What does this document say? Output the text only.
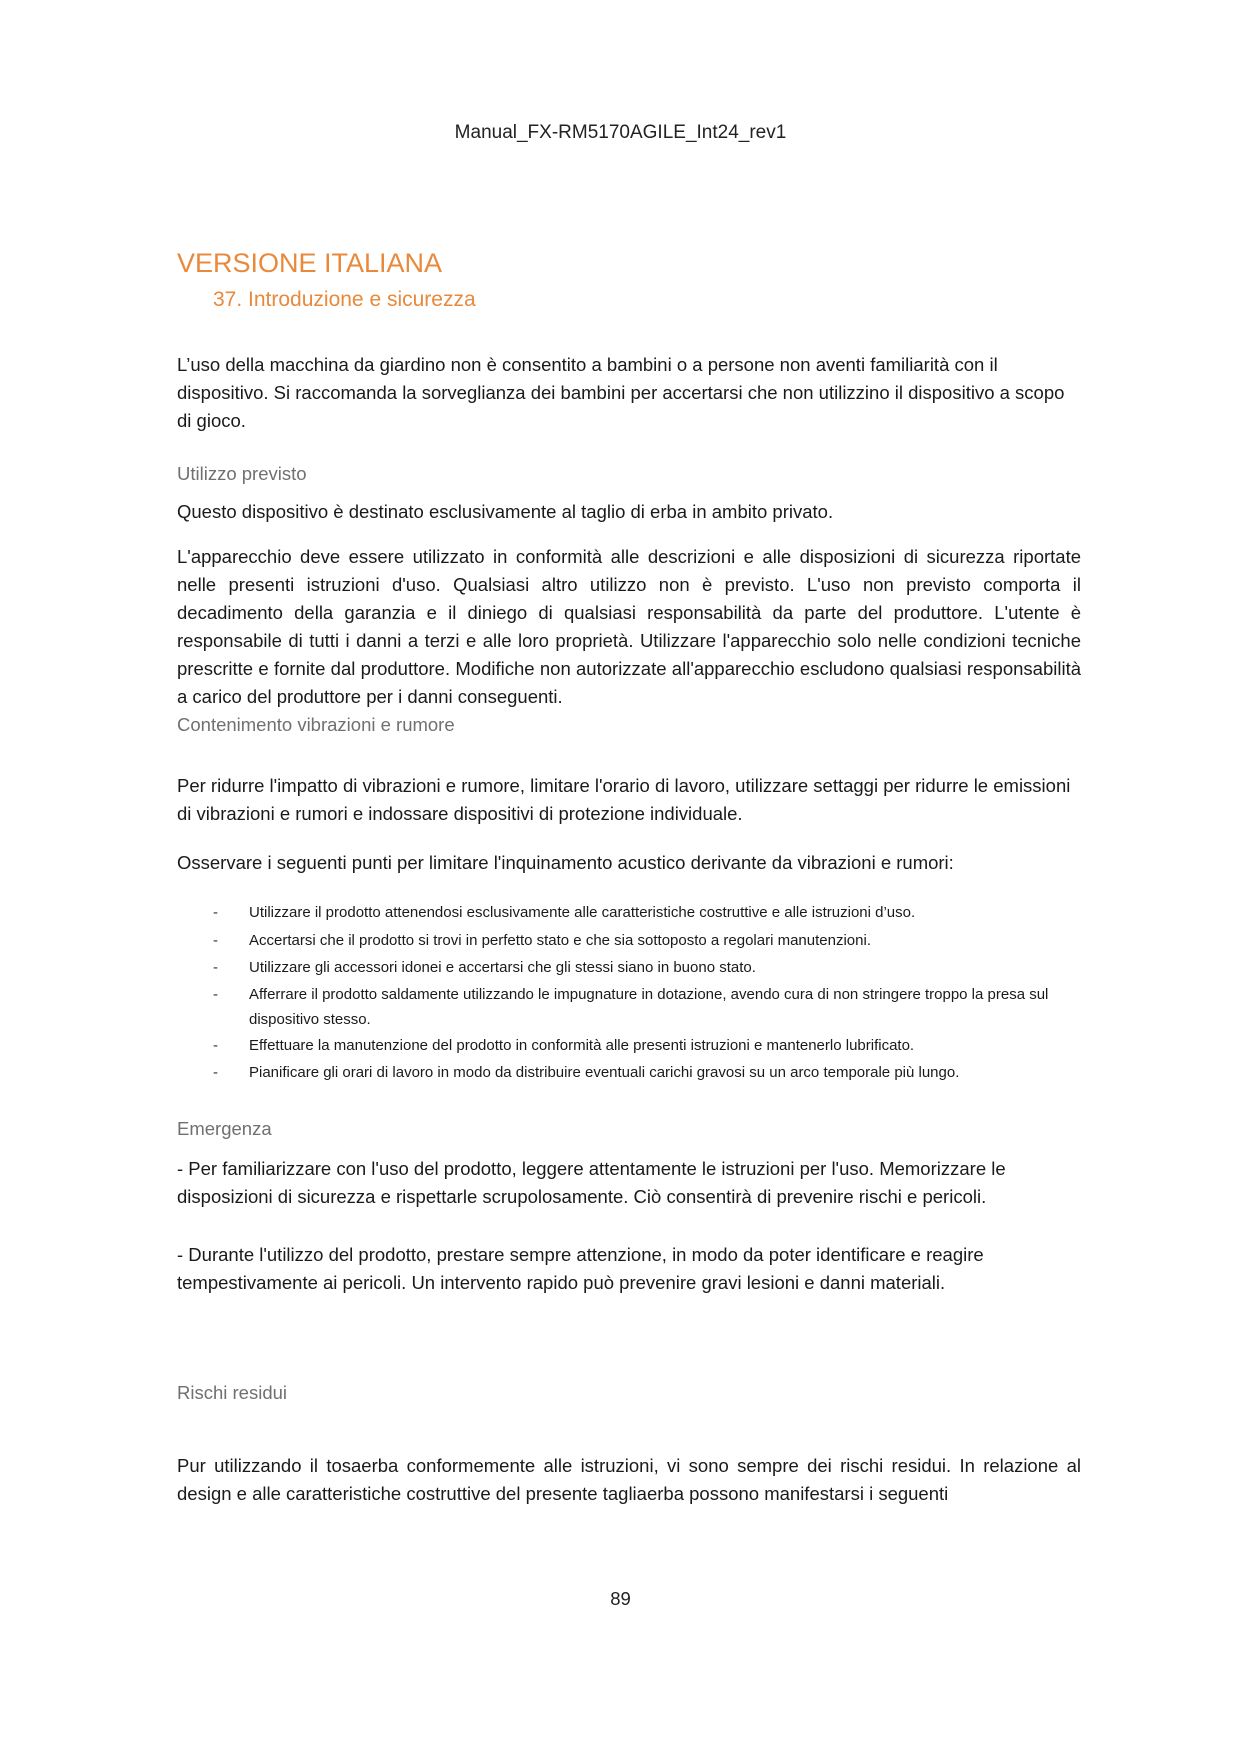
Manual_FX-RM5170AGILE_Int24_rev1
VERSIONE ITALIANA
37. Introduzione e sicurezza

L’uso della macchina da giardino non è consentito a bambini o a persone non aventi familiarità con il dispositivo. Si raccomanda la sorveglianza dei bambini per accertarsi che non utilizzino il dispositivo a scopo di gioco.

Utilizzo previsto

Questo dispositivo è destinato esclusivamente al taglio di erba in ambito privato.

L'apparecchio deve essere utilizzato in conformità alle descrizioni e alle disposizioni di sicurezza riportate nelle presenti istruzioni d'uso. Qualsiasi altro utilizzo non è previsto. L'uso non previsto comporta il decadimento della garanzia e il diniego di qualsiasi responsabilità da parte del produttore. L'utente è responsabile di tutti i danni a terzi e alle loro proprietà. Utilizzare l'apparecchio solo nelle condizioni tecniche prescritte e fornite dal produttore. Modifiche non autorizzate all'apparecchio escludono qualsiasi responsabilità a carico del produttore per i danni conseguenti.

Contenimento vibrazioni e rumore

Per ridurre l'impatto di vibrazioni e rumore, limitare l'orario di lavoro, utilizzare settaggi per ridurre le emissioni di vibrazioni e rumori e indossare dispositivi di protezione individuale.

Osservare i seguenti punti per limitare l'inquinamento acustico derivante da vibrazioni e rumori:

- Utilizzare il prodotto attenendosi esclusivamente alle caratteristiche costruttive e alle istruzioni d’uso.
- Accertarsi che il prodotto si trovi in perfetto stato e che sia sottoposto a regolari manutenzioni.
- Utilizzare gli accessori idonei e accertarsi che gli stessi siano in buono stato.
- Afferrare il prodotto saldamente utilizzando le impugnature in dotazione, avendo cura di non stringere troppo la presa sul dispositivo stesso.
- Effettuare la manutenzione del prodotto in conformità alle presenti istruzioni e mantenerlo lubrificato.
- Pianificare gli orari di lavoro in modo da distribuire eventuali carichi gravosi su un arco temporale più lungo.

Emergenza

- Per familiarizzare con l'uso del prodotto, leggere attentamente le istruzioni per l'uso. Memorizzare le disposizioni di sicurezza e rispettarle scrupolosamente. Ciò consentirà di prevenire rischi e pericoli.

- Durante l'utilizzo del prodotto, prestare sempre attenzione, in modo da poter identificare e reagire tempestivamente ai pericoli. Un intervento rapido può prevenire gravi lesioni e danni materiali.

Rischi residui

Pur utilizzando il tosaerba conformemente alle istruzioni, vi sono sempre dei rischi residui. In relazione al design e alle caratteristiche costruttive del presente tagliaerba possono manifestarsi i seguenti

89
